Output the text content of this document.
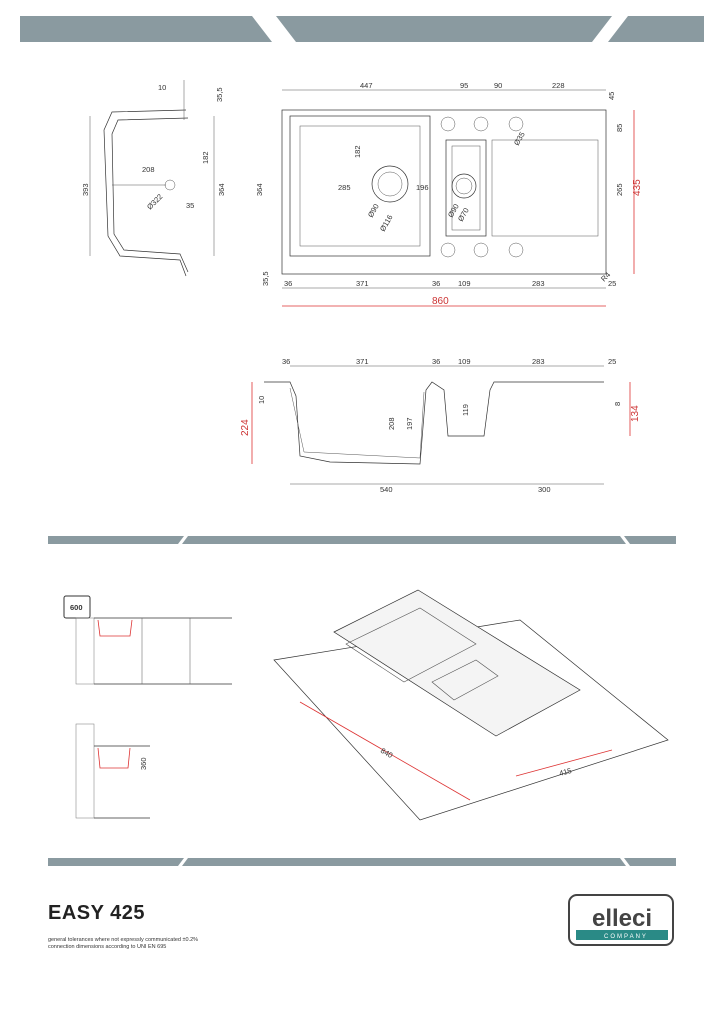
10	35,5
393	364
208
182
35
Ø322
447	95	90	228
45
85
265 435
182
364	285	196
Ø90
Ø116
Ø90
Ø70
Ø35
R4
35,5 36	371	36 109	283	25
860
36	371	36 109	283	25
10
224	208 197
119
8
134
540	300
600
360
840
415
EASY 425
general tolerances where not expressly communicated ±0.2%
connection dimensions according to UNI EN 695
elleci
COMPANY
